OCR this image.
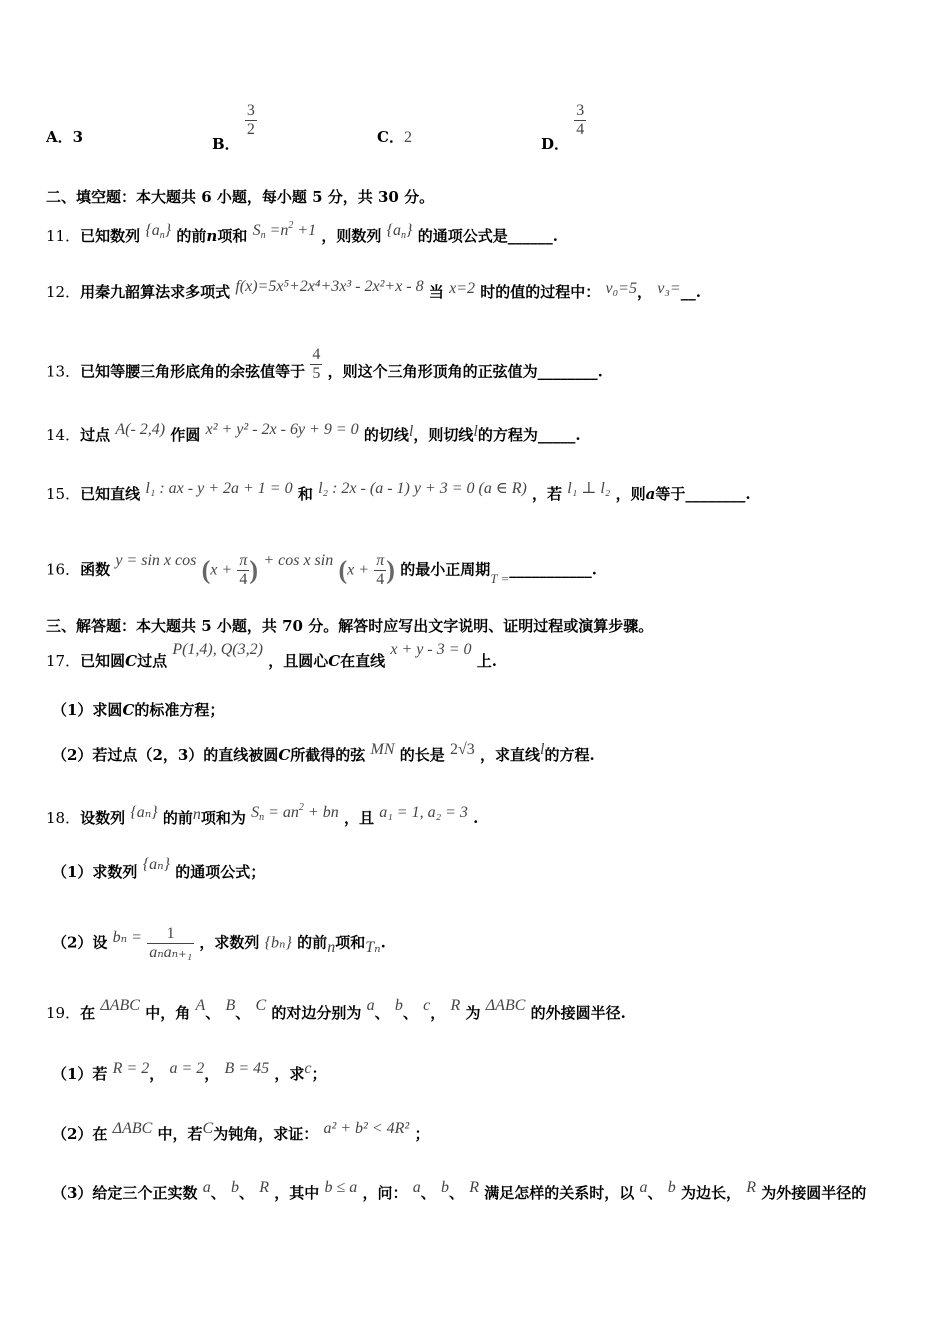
A．3	B．
$\frac{3}{2}$	C．2	D．
$\frac{3}{4}$
二、填空题：本大题共 6 小题，每小题 5 分，共 30 分。
11．已知数列 $\{a_n\}$ 的前n项和 $S_n =n^2 +1$ ，则数列 $\{a_n\}$ 的通项公式是______.
12．用秦九韶算法求多项式 f(x)=5x⁵+2x⁴+3x³ - 2x²+x - 8 当 x=2 时的值的过程中： v₀=5， v₃=__.
13．已知等腰三角形底角的余弦值等于 $\frac{4}{5}$ ，则这个三角形顶角的正弦值为________.
14．过点 A(- 2,4) 作圆 x² + y² - 2x - 6y + 9 = 0 的切线l，则切线l的方程为_____.
15．已知直线 l₁ : ax - y + 2a + 1 = 0 和 l₂ : 2x - (a - 1) y + 3 = 0 (a ∈ R) ，若 l₁ ⊥ l₂ ，则a等于________.
16．函数 y = sin x $\cos (x + \frac{\pi}{4}$ ) + cos x $\sin (x + \frac{\pi}{4}$ ) 的最小正周期T =___________.
三、解答题：本大题共 5 小题，共 70 分。解答时应写出文字说明、证明过程或演算步骤。
17．已知圆C过点 P(1,4), Q(3,2) ，且圆心C在直线 x + y - 3 = 0 上.
（1）求圆C的标准方程；
（2）若过点（2，3）的直线被圆C所截得的弦 MN 的长是 2√3 ，求直线l的方程.
18．设数列 {aₙ} 的前n项和为 $S_n = an^2$ + bn ，且 a₁ = 1, a₂ = 3 .
（1）求数列 {aₙ} 的通项公式；
（2）设 $b_n = \frac{1}{\text{aₙaₙ₊₁}}$ ，求数列 {bₙ} 的前n项和Tₙ.
19．在 ΔABC 中，角 A、 B、 C 的对边分别为 a、 b、 c， R 为 ΔABC 的外接圆半径.
（1）若 R = 2， a = 2， B = 45 ，求c；
（2）在 ΔABC 中，若C为钝角，求证： a² + b² < 4R² ；
（3）给定三个正实数 a、 b、 R ，其中 b ≤ a ，问： a、 b、 R 满足怎样的关系时，以 a、 b 为边长， R 为外接圆半径的
